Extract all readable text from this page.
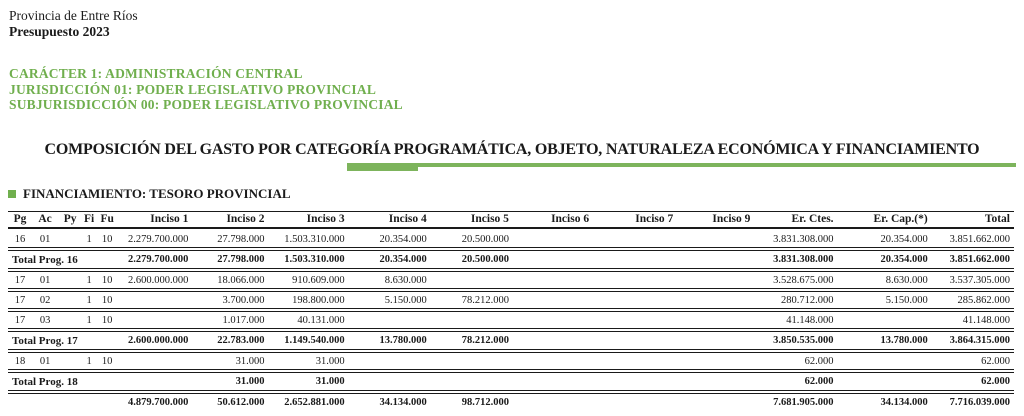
Provincia de Entre Ríos
Presupuesto 2023
CARÁCTER 1: ADMINISTRACIÓN CENTRAL
JURISDICCIÓN 01: PODER LEGISLATIVO PROVINCIAL
SUBJURISDICCIÓN 00: PODER LEGISLATIVO PROVINCIAL
COMPOSICIÓN DEL GASTO POR CATEGORÍA PROGRAMÁTICA, OBJETO, NATURALEZA ECONÓMICA Y FINANCIAMIENTO
FINANCIAMIENTO: TESORO PROVINCIAL
Pg	Ac	Py	Fi	Fu	Inciso 1	Inciso 2	Inciso 3	Inciso 4	Inciso 5	Inciso 6	Inciso 7	Inciso 9	Er. Ctes.	Er. Cap.(*)	Total
16	01		1	10	2.279.700.000	27.798.000	1.503.310.000	20.354.000	20.500.000				3.831.308.000	20.354.000	3.851.662.000
Total Prog. 16					2.279.700.000	27.798.000	1.503.310.000	20.354.000	20.500.000				3.831.308.000	20.354.000	3.851.662.000
17	01		1	10	2.600.000.000	18.066.000	910.609.000	8.630.000					3.528.675.000	8.630.000	3.537.305.000
17	02		1	10		3.700.000	198.800.000	5.150.000	78.212.000				280.712.000	5.150.000	285.862.000
17	03		1	10		1.017.000	40.131.000						41.148.000		41.148.000
Total Prog. 17					2.600.000.000	22.783.000	1.149.540.000	13.780.000	78.212.000				3.850.535.000	13.780.000	3.864.315.000
18	01		1	10		31.000	31.000						62.000		62.000
Total Prog. 18						31.000	31.000						62.000		62.000
					4.879.700.000	50.612.000	2.652.881.000	34.134.000	98.712.000				7.681.905.000	34.134.000	7.716.039.000
